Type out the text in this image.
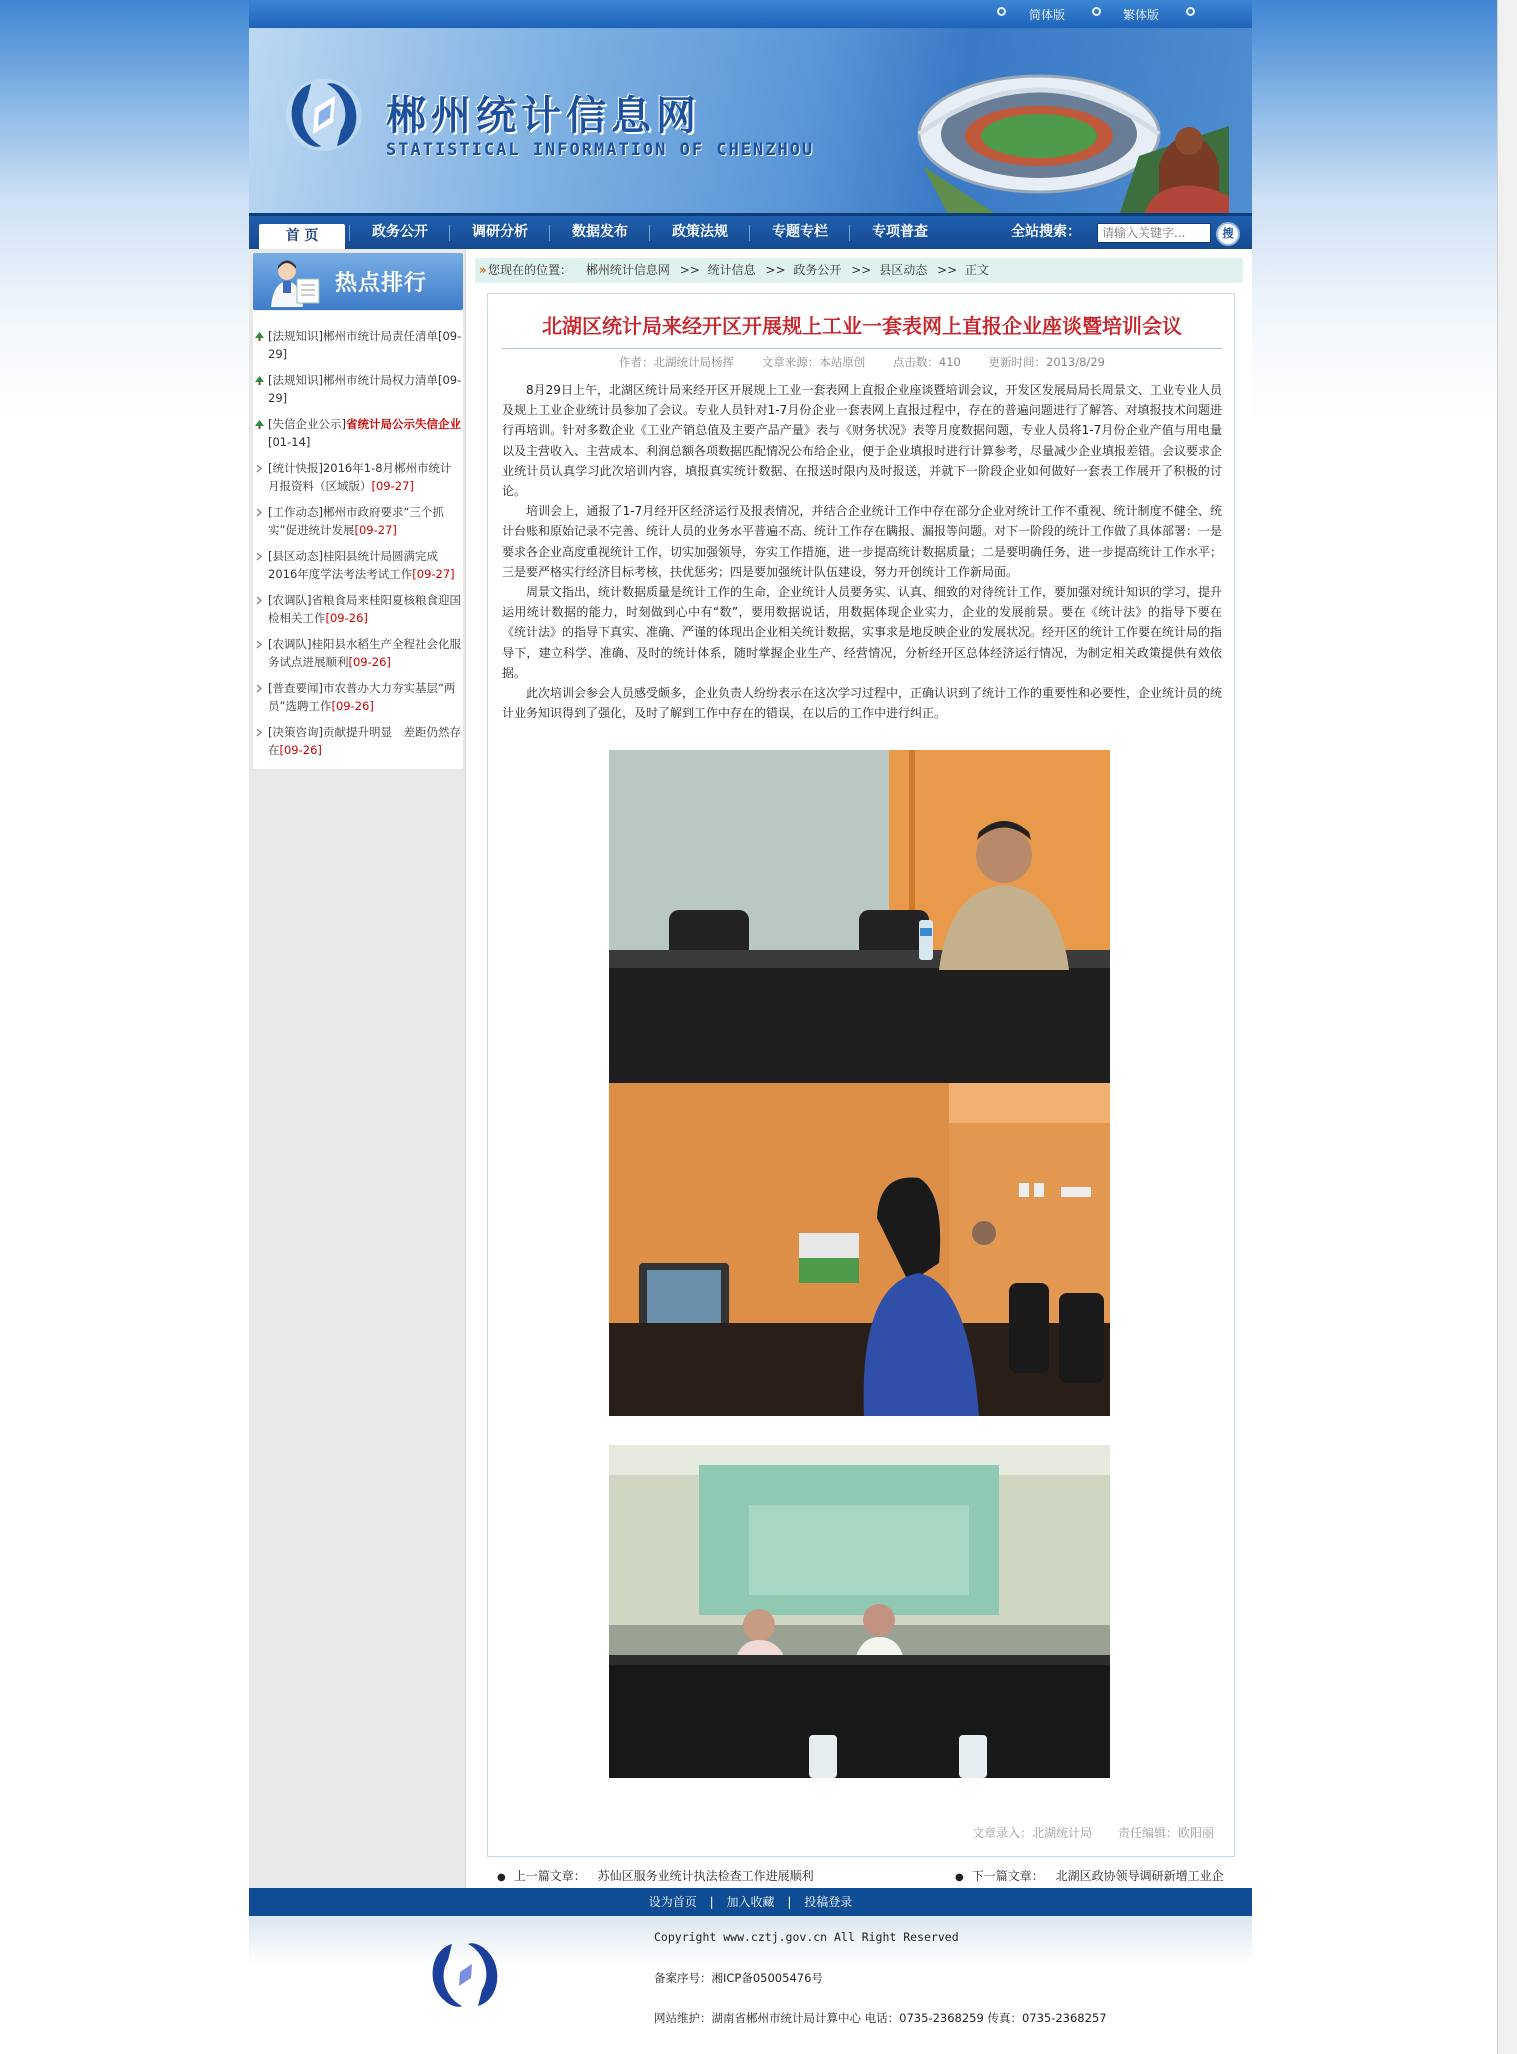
简体版	繁体版
郴州统计信息网
STATISTICAL INFORMATION OF CHENZHOU
首 页	政务公开	调研分析	数据发布	政策法规	专题专栏	专项普查	全站搜索：
请输入关键字...	搜
热点排行
[法规知识]郴州市统计局责任清单[09-29]
[法规知识]郴州市统计局权力清单[09-29]
[失信企业公示]省统计局公示失信企业[01-14]
[统计快报]2016年1-8月郴州市统计月报资料（区域版）[09-27]
[工作动态]郴州市政府要求“三个抓实”促进统计发展[09-27]
[县区动态]桂阳县统计局圆满完成2016年度学法考法考试工作[09-27]
[农调队]省粮食局来桂阳夏核粮食迎国检相关工作[09-26]
[农调队]桂阳县水稻生产全程社会化服务试点进展顺利[09-26]
[普查要闻]市农普办大力夯实基层“两员”选聘工作[09-26]
[决策咨询]贡献提升明显　差距仍然存在[09-26]
» 您现在的位置： 郴州统计信息网 >> 统计信息 >> 政务公开 >> 县区动态 >> 正文
北湖区统计局来经开区开展规上工业一套表网上直报企业座谈暨培训会议
作者：北湖统计局杨挥 文章来源：本站原创 点击数：410 更新时间：2013/8/29

8月29日上午，北湖区统计局来经开区开展规上工业一套表网上直报企业座谈暨培训会议，开发区发展局局长周景文、工业专业人员及规上工业企业统计员参加了会议。专业人员针对1-7月份企业一套表网上直报过程中，存在的普遍问题进行了解答、对填报技术问题进行再培训。针对多数企业《工业产销总值及主要产品产量》表与《财务状况》表等月度数据问题，专业人员将1-7月份企业产值与用电量以及主营收入、主营成本、利润总额各项数据匹配情况公布给企业，便于企业填报时进行计算参考，尽量减少企业填报差错。会议要求企业统计员认真学习此次培训内容，填报真实统计数据、在报送时限内及时报送，并就下一阶段企业如何做好一套表工作展开了积极的讨论。

培训会上，通报了1-7月经开区经济运行及报表情况，并结合企业统计工作中存在部分企业对统计工作不重视、统计制度不健全、统计台账和原始记录不完善、统计人员的业务水平普遍不高、统计工作存在瞒报、漏报等问题。对下一阶段的统计工作做了具体部署：一是要求各企业高度重视统计工作，切实加强领导，夯实工作措施，进一步提高统计数据质量；二是要明确任务，进一步提高统计工作水平；三是要严格实行经济目标考核，扶优惩劣；四是要加强统计队伍建设，努力开创统计工作新局面。

周景文指出，统计数据质量是统计工作的生命，企业统计人员要务实、认真、细致的对待统计工作，要加强对统计知识的学习，提升运用统计数据的能力，时刻做到心中有“数”，要用数据说话，用数据体现企业实力，企业的发展前景。要在《统计法》的指导下要在《统计法》的指导下真实、准确、严谨的体现出企业相关统计数据，实事求是地反映企业的发展状况。经开区的统计工作要在统计局的指导下，建立科学、准确、及时的统计体系，随时掌握企业生产、经营情况，分析经开区总体经济运行情况，为制定相关政策提供有效依据。

此次培训会参会人员感受颇多，企业负责人纷纷表示在这次学习过程中，正确认识到了统计工作的重要性和必要性，企业统计员的统计业务知识得到了强化，及时了解到工作中存在的错误，在以后的工作中进行纠正。

文章录入：北湖统计局 责任编辑：欧阳丽
● 上一篇文章： 苏仙区服务业统计执法检查工作进展顺利	● 下一篇文章： 北湖区政协领导调研新增工业企
设为首页 | 加入收藏 | 投稿登录
Copyright www.cztj.gov.cn All Right Reserved
备案序号：湘ICP备05005476号
网站维护：湖南省郴州市统计局计算中心 电话：0735-2368259 传真：0735-2368257
